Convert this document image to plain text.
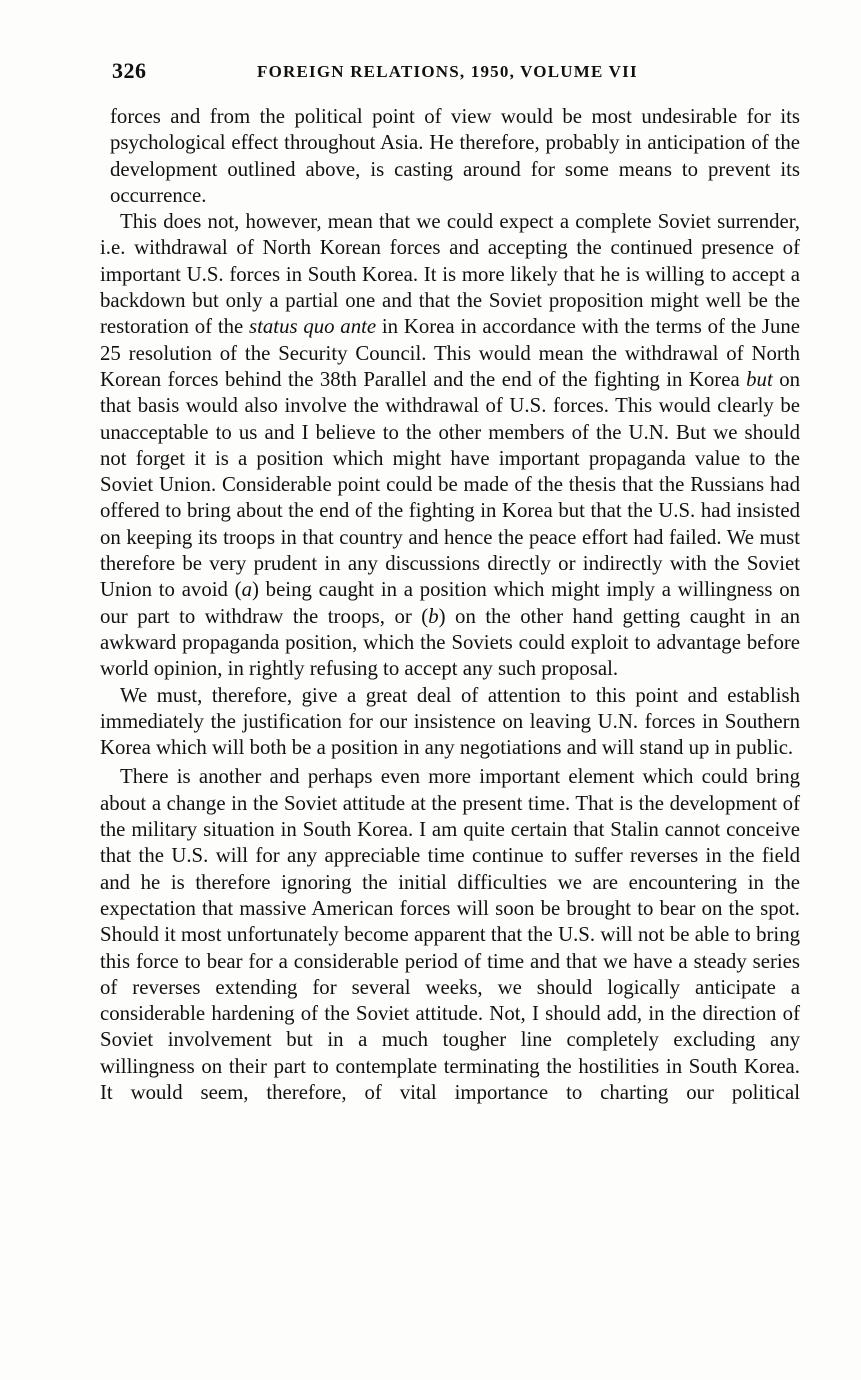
326	FOREIGN RELATIONS, 1950, VOLUME VII

forces and from the political point of view would be most undesirable for its psychological effect throughout Asia. He therefore, probably in anticipation of the development outlined above, is casting around for some means to prevent its occurrence.

This does not, however, mean that we could expect a complete Soviet surrender, i.e. withdrawal of North Korean forces and accepting the continued presence of important U.S. forces in South Korea. It is more likely that he is willing to accept a backdown but only a partial one and that the Soviet proposition might well be the restoration of the status quo ante in Korea in accordance with the terms of the June 25 resolution of the Security Council. This would mean the withdrawal of North Korean forces behind the 38th Parallel and the end of the fighting in Korea but on that basis would also involve the withdrawal of U.S. forces. This would clearly be unacceptable to us and I believe to the other members of the U.N. But we should not forget it is a position which might have important propaganda value to the Soviet Union. Considerable point could be made of the thesis that the Russians had offered to bring about the end of the fighting in Korea but that the U.S. had insisted on keeping its troops in that country and hence the peace effort had failed. We must therefore be very prudent in any discussions directly or indirectly with the Soviet Union to avoid (a) being caught in a position which might imply a willingness on our part to withdraw the troops, or (b) on the other hand getting caught in an awkward propaganda position, which the Soviets could exploit to advantage before world opinion, in rightly refusing to accept any such proposal.

We must, therefore, give a great deal of attention to this point and establish immediately the justification for our insistence on leaving U.N. forces in Southern Korea which will both be a position in any negotiations and will stand up in public.

There is another and perhaps even more important element which could bring about a change in the Soviet attitude at the present time. That is the development of the military situation in South Korea. I am quite certain that Stalin cannot conceive that the U.S. will for any appreciable time continue to suffer reverses in the field and he is therefore ignoring the initial difficulties we are encountering in the expectation that massive American forces will soon be brought to bear on the spot. Should it most unfortunately become apparent that the U.S. will not be able to bring this force to bear for a considerable period of time and that we have a steady series of reverses extending for several weeks, we should logically anticipate a considerable hardening of the Soviet attitude. Not, I should add, in the direction of Soviet involvement but in a much tougher line completely excluding any willingness on their part to contemplate terminating the hostilities in South Korea. It would seem, therefore, of vital importance to charting our political
